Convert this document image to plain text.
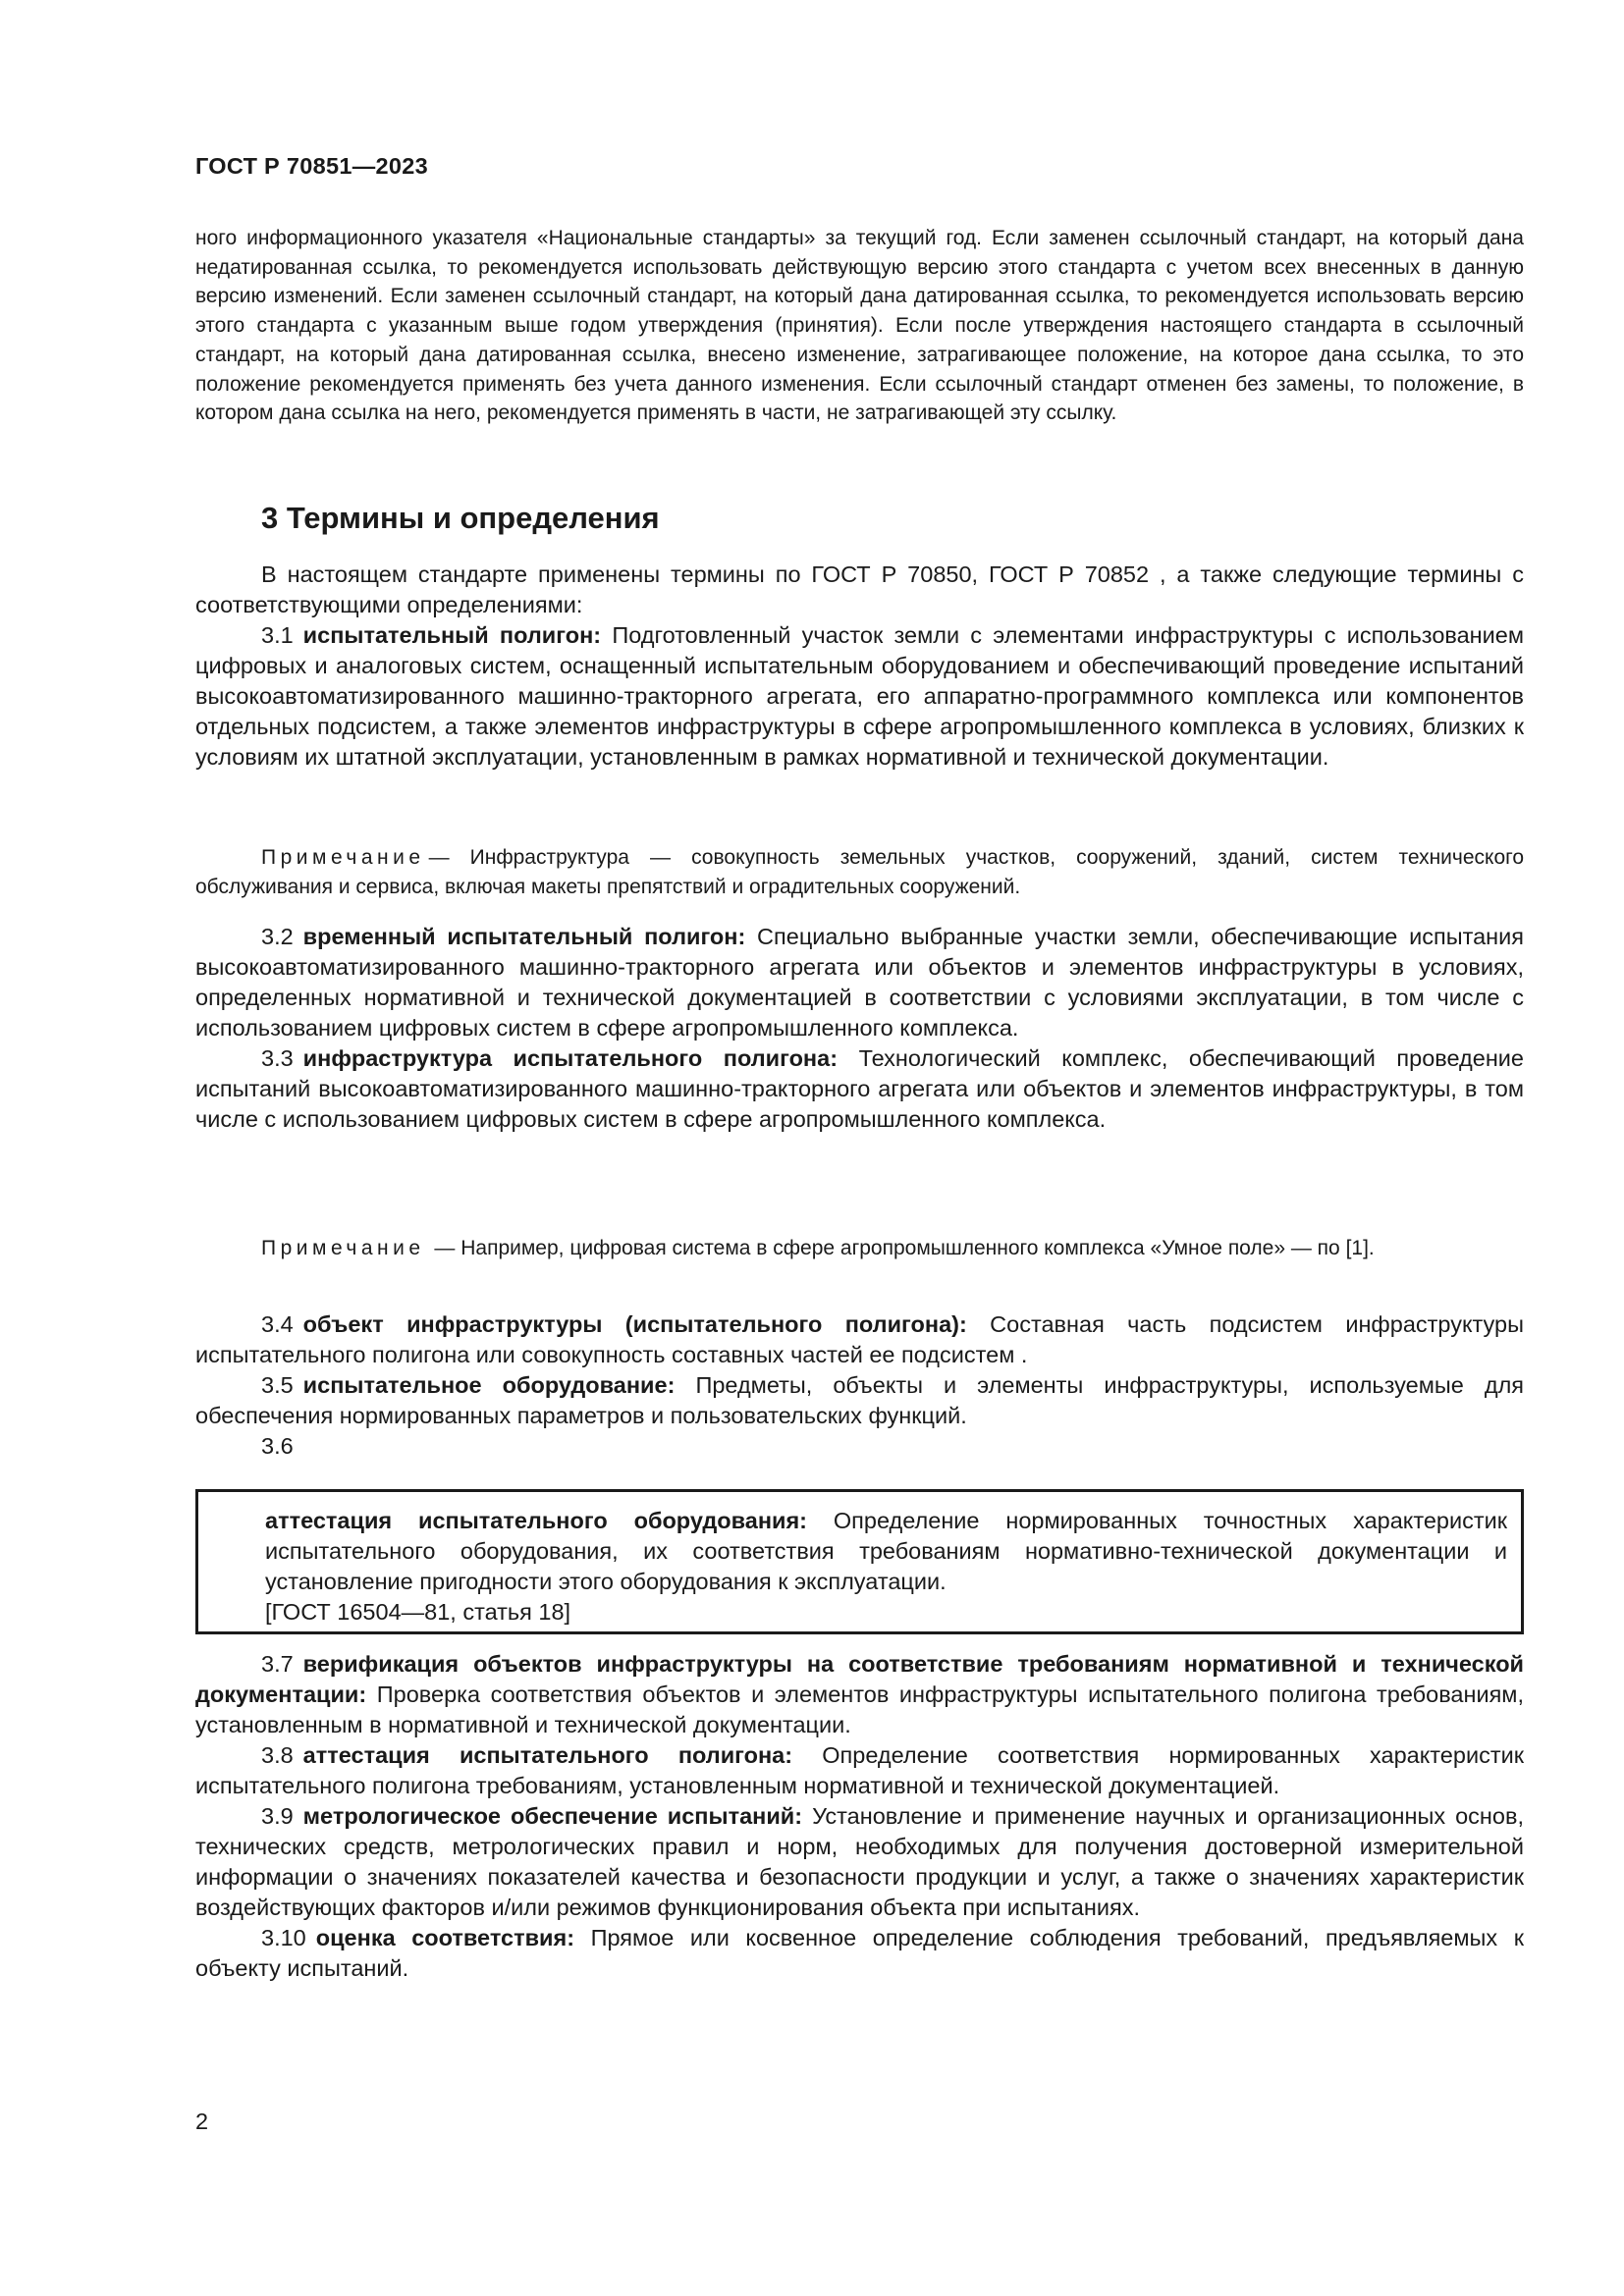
ГОСТ Р 70851—2023
ного информационного указателя «Национальные стандарты» за текущий год. Если заменен ссылочный стандарт, на который дана недатированная ссылка, то рекомендуется использовать действующую версию этого стандарта с учетом всех внесенных в данную версию изменений. Если заменен ссылочный стандарт, на который дана датированная ссылка, то рекомендуется использовать версию этого стандарта с указанным выше годом утверждения (принятия). Если после утверждения настоящего стандарта в ссылочный стандарт, на который дана датированная ссылка, внесено изменение, затрагивающее положение, на которое дана ссылка, то это положение рекомендуется применять без учета данного изменения. Если ссылочный стандарт отменен без замены, то положение, в котором дана ссылка на него, рекомендуется применять в части, не затрагивающей эту ссылку.
3 Термины и определения

В настоящем стандарте применены термины по ГОСТ Р 70850, ГОСТ Р 70852 , а также следующие термины с соответствующими определениями:

3.1 испытательный полигон: Подготовленный участок земли с элементами инфраструктуры с использованием цифровых и аналоговых систем, оснащенный испытательным оборудованием и обеспечивающий проведение испытаний высокоавтоматизированного машинно-тракторного агрегата, его аппаратно-программного комплекса или компонентов отдельных подсистем, а также элементов инфраструктуры в сфере агропромышленного комплекса в условиях, близких к условиям их штатной эксплуатации, установленным в рамках нормативной и технической документации.

Примечание — Инфраструктура — совокупность земельных участков, сооружений, зданий, систем технического обслуживания и сервиса, включая макеты препятствий и оградительных сооружений.

3.2 временный испытательный полигон: Специально выбранные участки земли, обеспечивающие испытания высокоавтоматизированного машинно-тракторного агрегата или объектов и элементов инфраструктуры в условиях, определенных нормативной и технической документацией в соответствии с условиями эксплуатации, в том числе с использованием цифровых систем в сфере агропромышленного комплекса.

3.3 инфраструктура испытательного полигона: Технологический комплекс, обеспечивающий проведение испытаний высокоавтоматизированного машинно-тракторного агрегата или объектов и элементов инфраструктуры, в том числе с использованием цифровых систем в сфере агропромышленного комплекса.

Примечание — Например, цифровая система в сфере агропромышленного комплекса «Умное поле» — по [1].

3.4 объект инфраструктуры (испытательного полигона): Составная часть подсистем инфраструктуры испытательного полигона или совокупность составных частей ее подсистем .

3.5 испытательное оборудование: Предметы, объекты и элементы инфраструктуры, используемые для обеспечения нормированных параметров и пользовательских функций.

3.6

аттестация испытательного оборудования: Определение нормированных точностных характеристик испытательного оборудования, их соответствия требованиям нормативно-технической документации и установление пригодности этого оборудования к эксплуатации.

[ГОСТ 16504—81, статья 18]

3.7 верификация объектов инфраструктуры на соответствие требованиям нормативной и технической документации: Проверка соответствия объектов и элементов инфраструктуры испытательного полигона требованиям, установленным в нормативной и технической документации.

3.8 аттестация испытательного полигона: Определение соответствия нормированных характеристик испытательного полигона требованиям, установленным нормативной и технической документацией.

3.9 метрологическое обеспечение испытаний: Установление и применение научных и организационных основ, технических средств, метрологических правил и норм, необходимых для получения достоверной измерительной информации о значениях показателей качества и безопасности продукции и услуг, а также о значениях характеристик воздействующих факторов и/или режимов функционирования объекта при испытаниях.

3.10 оценка соответствия: Прямое или косвенное определение соблюдения требований, предъявляемых к объекту испытаний.

2
